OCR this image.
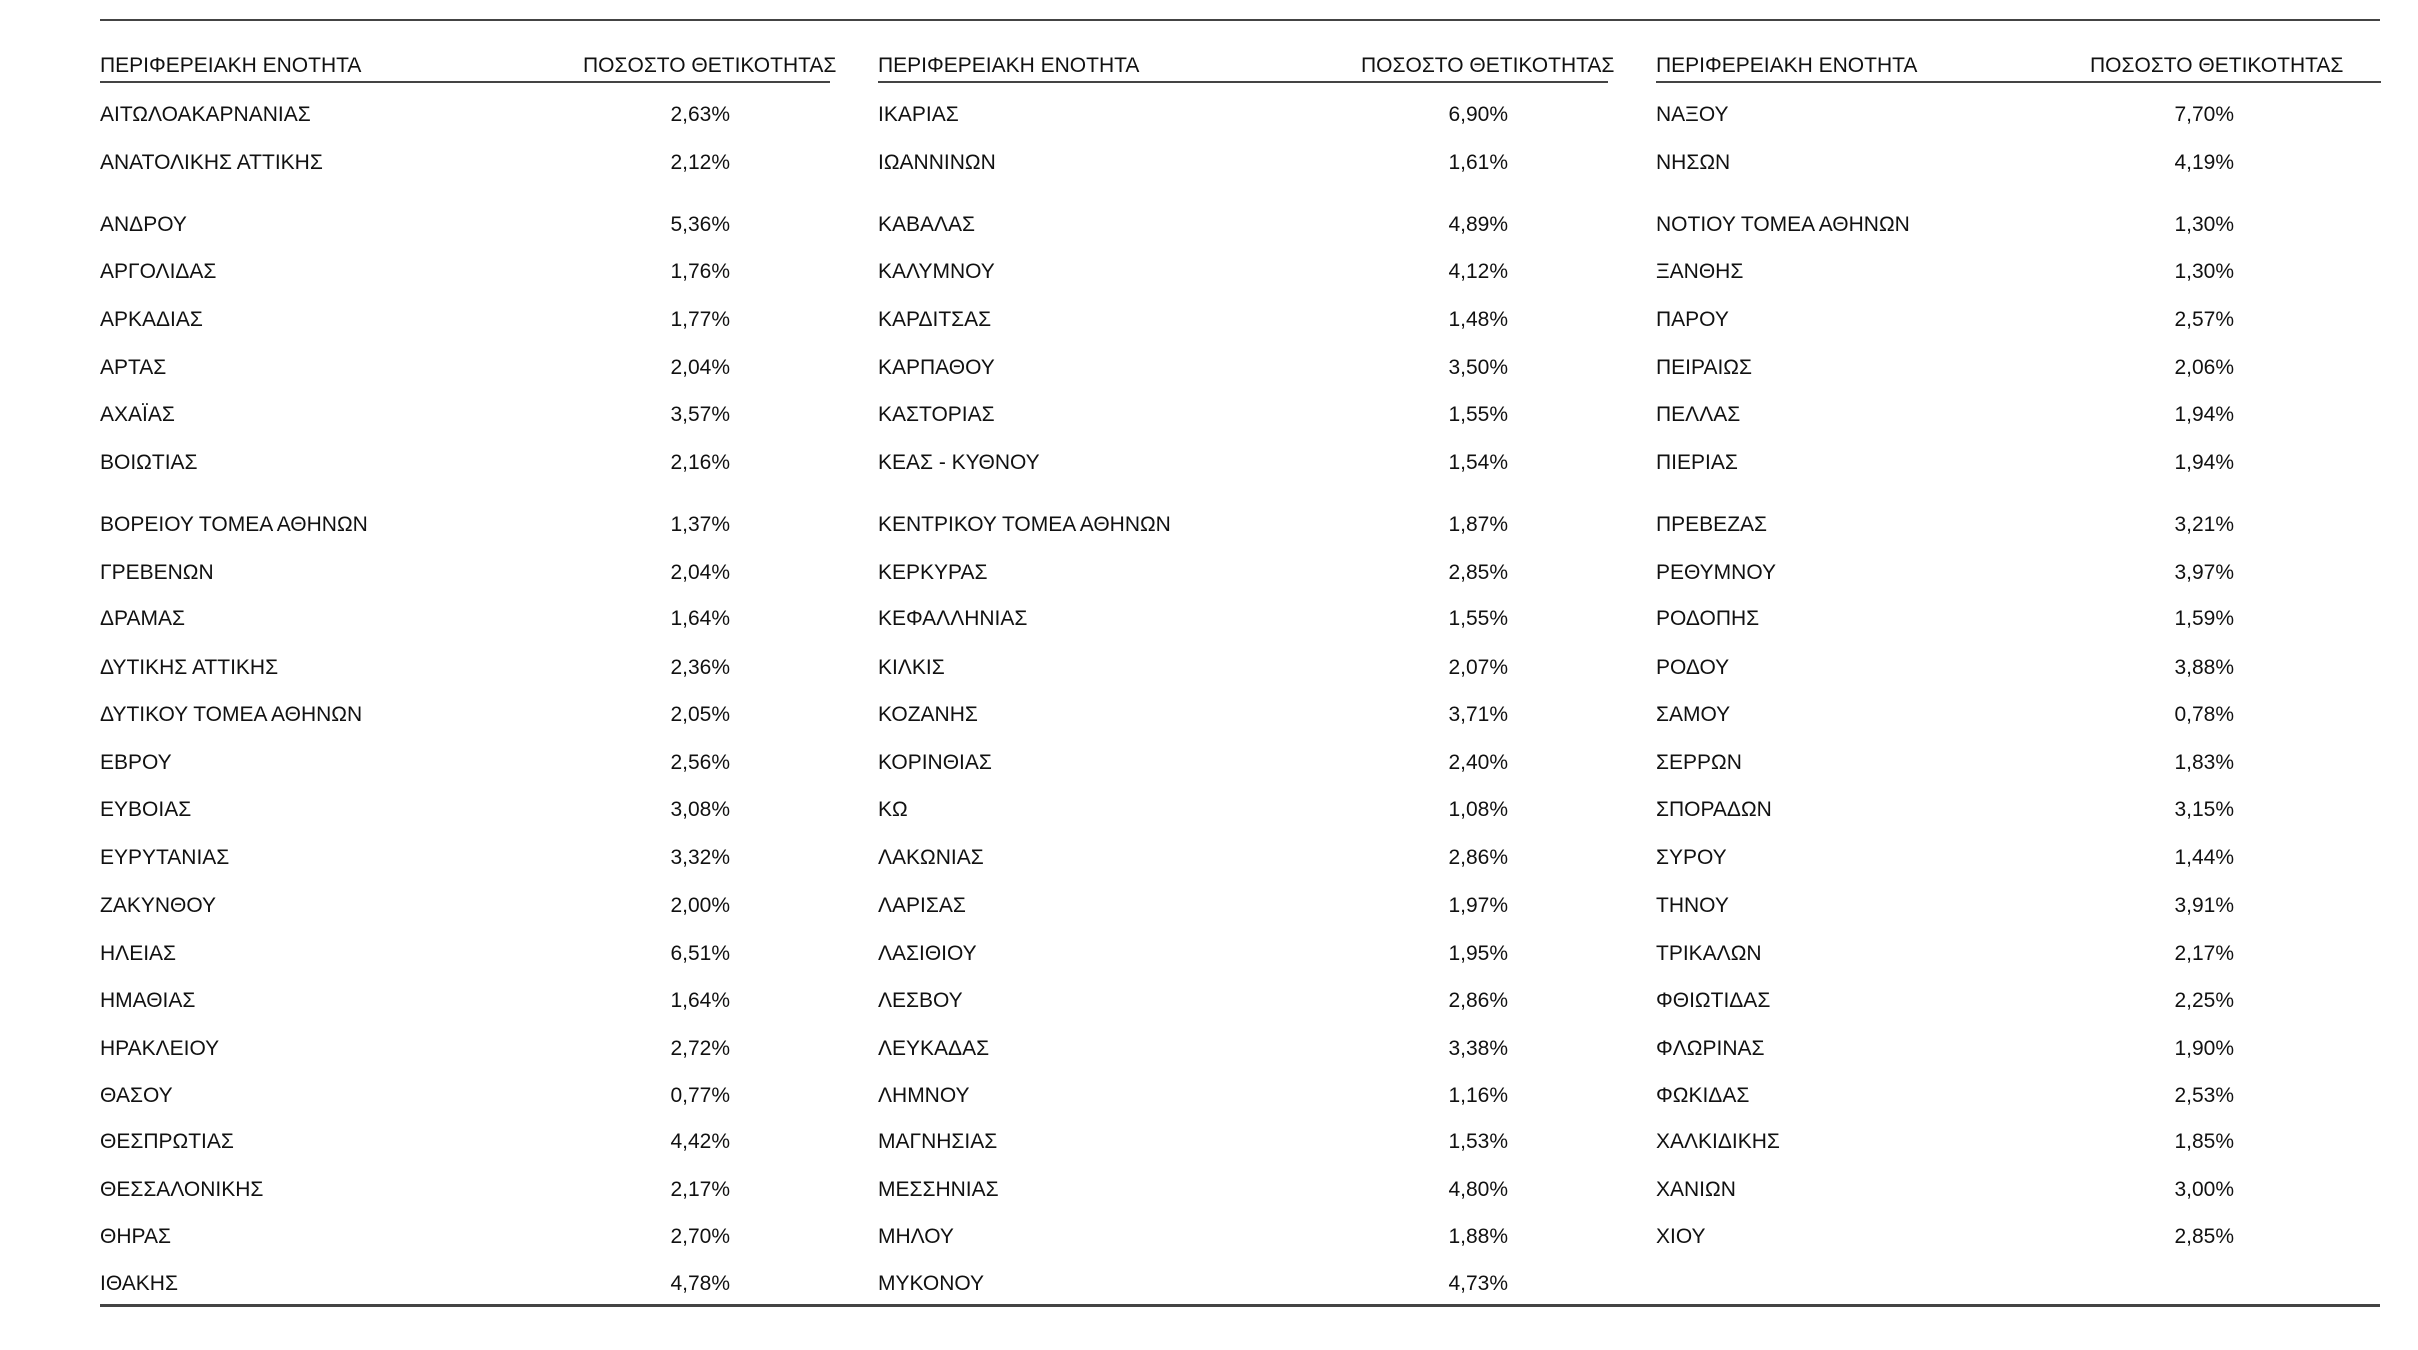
ΠΕΡΙΦΕΡΕΙΑΚΗ ΕΝΟΤΗΤΑ	ΠΟΣΟΣΤΟ ΘΕΤΙΚΟΤΗΤΑΣ
ΑΙΤΩΛΟΑΚΑΡΝΑΝΙΑΣ	2,63%
ΑΝΑΤΟΛΙΚΗΣ ΑΤΤΙΚΗΣ	2,12%
ΑΝΔΡΟΥ	5,36%
ΑΡΓΟΛΙΔΑΣ	1,76%
ΑΡΚΑΔΙΑΣ	1,77%
ΑΡΤΑΣ	2,04%
ΑΧΑΪΑΣ	3,57%
ΒΟΙΩΤΙΑΣ	2,16%
ΒΟΡΕΙΟΥ ΤΟΜΕΑ ΑΘΗΝΩΝ	1,37%
ΓΡΕΒΕΝΩΝ	2,04%
ΔΡΑΜΑΣ	1,64%
ΔΥΤΙΚΗΣ ΑΤΤΙΚΗΣ	2,36%
ΔΥΤΙΚΟΥ ΤΟΜΕΑ ΑΘΗΝΩΝ	2,05%
ΕΒΡΟΥ	2,56%
ΕΥΒΟΙΑΣ	3,08%
ΕΥΡΥΤΑΝΙΑΣ	3,32%
ΖΑΚΥΝΘΟΥ	2,00%
ΗΛΕΙΑΣ	6,51%
ΗΜΑΘΙΑΣ	1,64%
ΗΡΑΚΛΕΙΟΥ	2,72%
ΘΑΣΟΥ	0,77%
ΘΕΣΠΡΩΤΙΑΣ	4,42%
ΘΕΣΣΑΛΟΝΙΚΗΣ	2,17%
ΘΗΡΑΣ	2,70%
ΙΘΑΚΗΣ	4,78%
ΠΕΡΙΦΕΡΕΙΑΚΗ ΕΝΟΤΗΤΑ	ΠΟΣΟΣΤΟ ΘΕΤΙΚΟΤΗΤΑΣ
ΙΚΑΡΙΑΣ	6,90%
ΙΩΑΝΝΙΝΩΝ	1,61%
ΚΑΒΑΛΑΣ	4,89%
ΚΑΛΥΜΝΟΥ	4,12%
ΚΑΡΔΙΤΣΑΣ	1,48%
ΚΑΡΠΑΘΟΥ	3,50%
ΚΑΣΤΟΡΙΑΣ	1,55%
ΚΕΑΣ - ΚΥΘΝΟΥ	1,54%
ΚΕΝΤΡΙΚΟΥ ΤΟΜΕΑ ΑΘΗΝΩΝ	1,87%
ΚΕΡΚΥΡΑΣ	2,85%
ΚΕΦΑΛΛΗΝΙΑΣ	1,55%
ΚΙΛΚΙΣ	2,07%
ΚΟΖΑΝΗΣ	3,71%
ΚΟΡΙΝΘΙΑΣ	2,40%
ΚΩ	1,08%
ΛΑΚΩΝΙΑΣ	2,86%
ΛΑΡΙΣΑΣ	1,97%
ΛΑΣΙΘΙΟΥ	1,95%
ΛΕΣΒΟΥ	2,86%
ΛΕΥΚΑΔΑΣ	3,38%
ΛΗΜΝΟΥ	1,16%
ΜΑΓΝΗΣΙΑΣ	1,53%
ΜΕΣΣΗΝΙΑΣ	4,80%
ΜΗΛΟΥ	1,88%
ΜΥΚΟΝΟΥ	4,73%
ΠΕΡΙΦΕΡΕΙΑΚΗ ΕΝΟΤΗΤΑ	ΠΟΣΟΣΤΟ ΘΕΤΙΚΟΤΗΤΑΣ
ΝΑΞΟΥ	7,70%
ΝΗΣΩΝ	4,19%
ΝΟΤΙΟΥ ΤΟΜΕΑ ΑΘΗΝΩΝ	1,30%
ΞΑΝΘΗΣ	1,30%
ΠΑΡΟΥ	2,57%
ΠΕΙΡΑΙΩΣ	2,06%
ΠΕΛΛΑΣ	1,94%
ΠΙΕΡΙΑΣ	1,94%
ΠΡΕΒΕΖΑΣ	3,21%
ΡΕΘΥΜΝΟΥ	3,97%
ΡΟΔΟΠΗΣ	1,59%
ΡΟΔΟΥ	3,88%
ΣΑΜΟΥ	0,78%
ΣΕΡΡΩΝ	1,83%
ΣΠΟΡΑΔΩΝ	3,15%
ΣΥΡΟΥ	1,44%
ΤΗΝΟΥ	3,91%
ΤΡΙΚΑΛΩΝ	2,17%
ΦΘΙΩΤΙΔΑΣ	2,25%
ΦΛΩΡΙΝΑΣ	1,90%
ΦΩΚΙΔΑΣ	2,53%
ΧΑΛΚΙΔΙΚΗΣ	1,85%
ΧΑΝΙΩΝ	3,00%
ΧΙΟΥ	2,85%
